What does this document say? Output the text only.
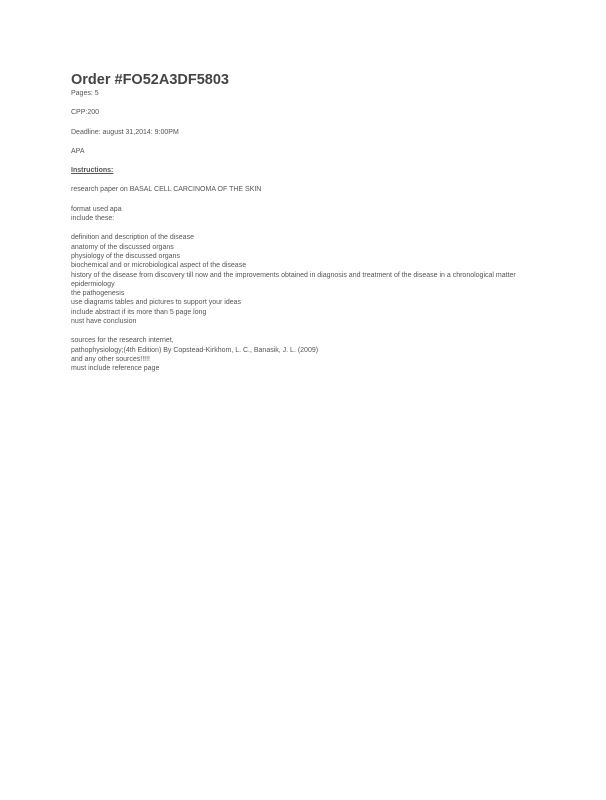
Order #FO52A3DF5803

Pages: 5

CPP:200

Deadline: august 31,2014: 9:00PM

APA

Instructions:

research paper on BASAL CELL CARCINOMA OF THE SKIN

format used apa

include these:

definition and description of the disease

anatomy of the discussed organs

physiology of the discussed organs

biochemical and or microbiological aspect of the disease

history of the disease from discovery till now and the improvements obtained in diagnosis and treatment of the disease in a chronological matter

epidermiology

the pathogenesis

use diagrams tables and pictures to support your ideas

include abstract if its more than 5 page long

nust have conclusion

sources for the research internet,

pathophysiology;(4th Edition) By Copstead-Kirkhom, L. C., Banasik, J. L. (2009)

and any other sources!!!!!

must include reference page
